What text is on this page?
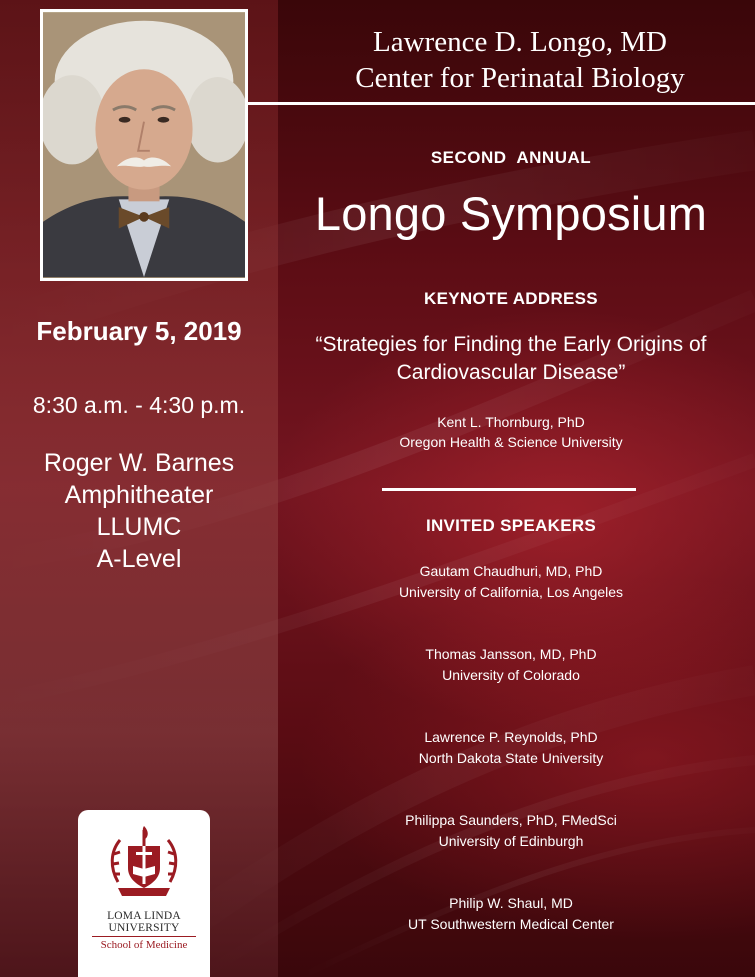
February 5, 2019
8:30 a.m. - 4:30 p.m.
Roger W. Barnes
Amphitheater
LLUMC
A-Level
LOMA LINDA
UNIVERSITY
School of Medicine
Lawrence D. Longo, MD
Center for Perinatal Biology
SECOND  ANNUAL
Longo Symposium
KEYNOTE ADDRESS
“Strategies for Finding the Early Origins of
Cardiovascular Disease”
Kent L. Thornburg, PhD
Oregon Health & Science University
INVITED SPEAKERS
Gautam Chaudhuri, MD, PhD
University of California, Los Angeles
Thomas Jansson, MD, PhD
University of Colorado
Lawrence P. Reynolds, PhD
North Dakota State University
Philippa Saunders, PhD, FMedSci
University of Edinburgh
Philip W. Shaul, MD
UT Southwestern Medical Center
